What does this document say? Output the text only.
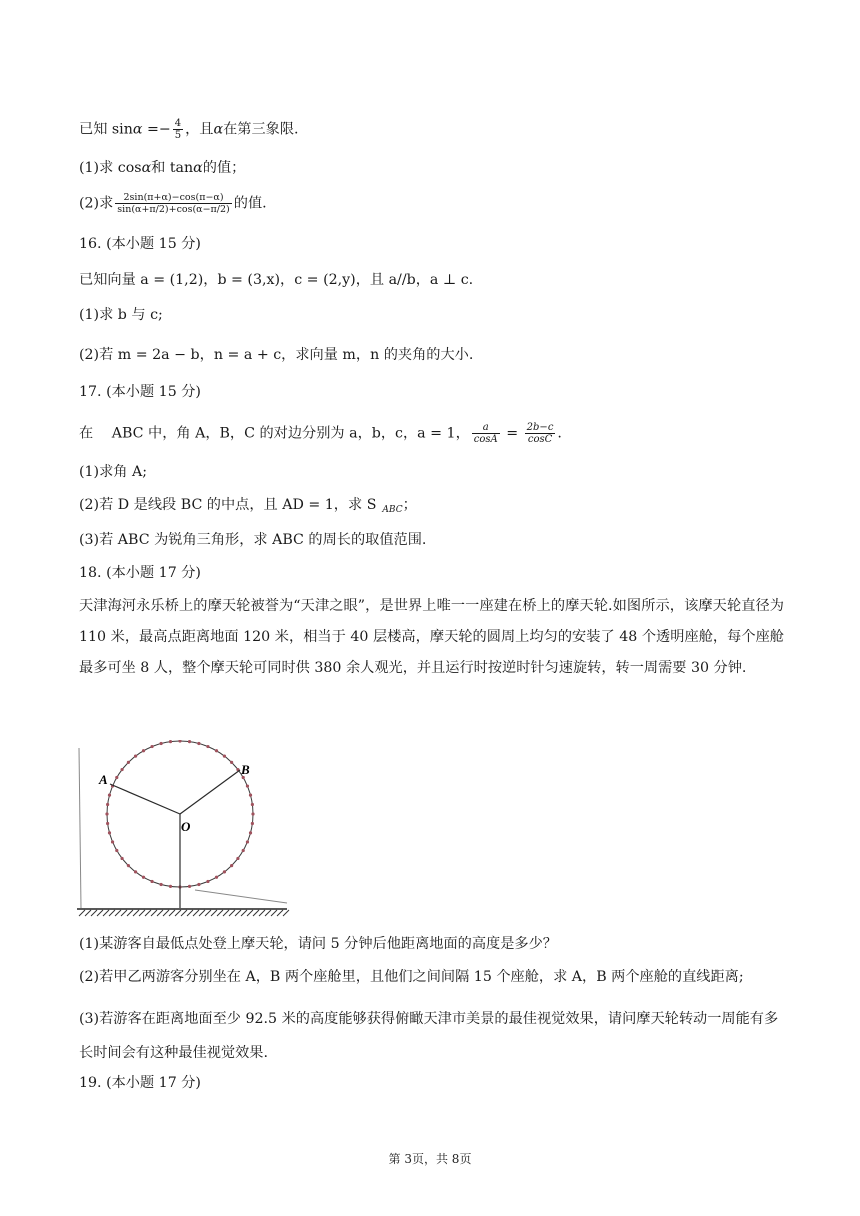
已知 $\sin\alpha =- \frac{4}{5}$ ，且α在第三象限.
(1)求 cosα和 tanα的值；
(2)求 $\frac{2\sin(\pi+\alpha)-\cos(\pi-\alpha)}{\sin(\alpha+\pi/2)+\cos(\alpha-\pi/2)}$ 的值.
16. (本小题 15 分)
已知向量 a = (1,2)，b = (3,x)，c = (2,y)，且 a//b，a ⊥ c.
(1)求 b 与 c;
(2)若 m = 2a − b，n = a + c，求向量 m，n 的夹角的大小.
17. (本小题 15 分)
在 ABC 中，角 A，B，C 的对边分别为 a，b，c，a = 1， $\frac{a}{\cos A} = \frac{2b-c}{\cos C}$ .
(1)求角 A;
(2)若 D 是线段 BC 的中点，且 AD = 1，求 S $_{ABC}$；
(3)若 ABC 为锐角三角形，求 ABC 的周长的取值范围.
18. (本小题 17 分)
天津海河永乐桥上的摩天轮被誉为“天津之眼”，是世界上唯一一座建在桥上的摩天轮.如图所示，该摩天轮直径为 110 米，最高点距离地面 120 米，相当于 40 层楼高，摩天轮的圆周上均匀的安装了 48 个透明座舱，每个座舱最多可坐 8 人，整个摩天轮可同时供 380 余人观光，并且运行时按逆时针匀速旋转，转一周需要 30 分钟.
A
B
O
(1)某游客自最低点处登上摩天轮，请问 5 分钟后他距离地面的高度是多少？
(2)若甲乙两游客分别坐在 A，B 两个座舱里，且他们之间间隔 15 个座舱，求 A，B 两个座舱的直线距离;
(3)若游客在距离地面至少 92.5 米的高度能够获得俯瞰天津市美景的最佳视觉效果，请问摩天轮转动一周能有多长时间会有这种最佳视觉效果.
19. (本小题 17 分)
第 3页，共 8页
